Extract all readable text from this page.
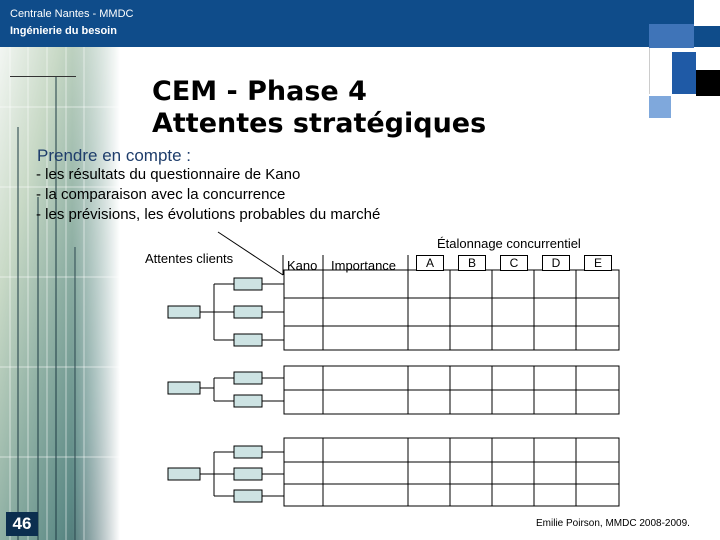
Centrale Nantes - MMDC
Ingénierie du besoin
46
CEM - Phase 4
Attentes stratégiques
Prendre en compte :
- les résultats du questionnaire de Kano
- la comparaison avec la concurrence
- les prévisions, les évolutions probables du marché
Attentes clients	Kano Importance
Étalonnage concurrentiel
A	B	C	D	E
Emilie Poirson, MMDC 2008-2009.
